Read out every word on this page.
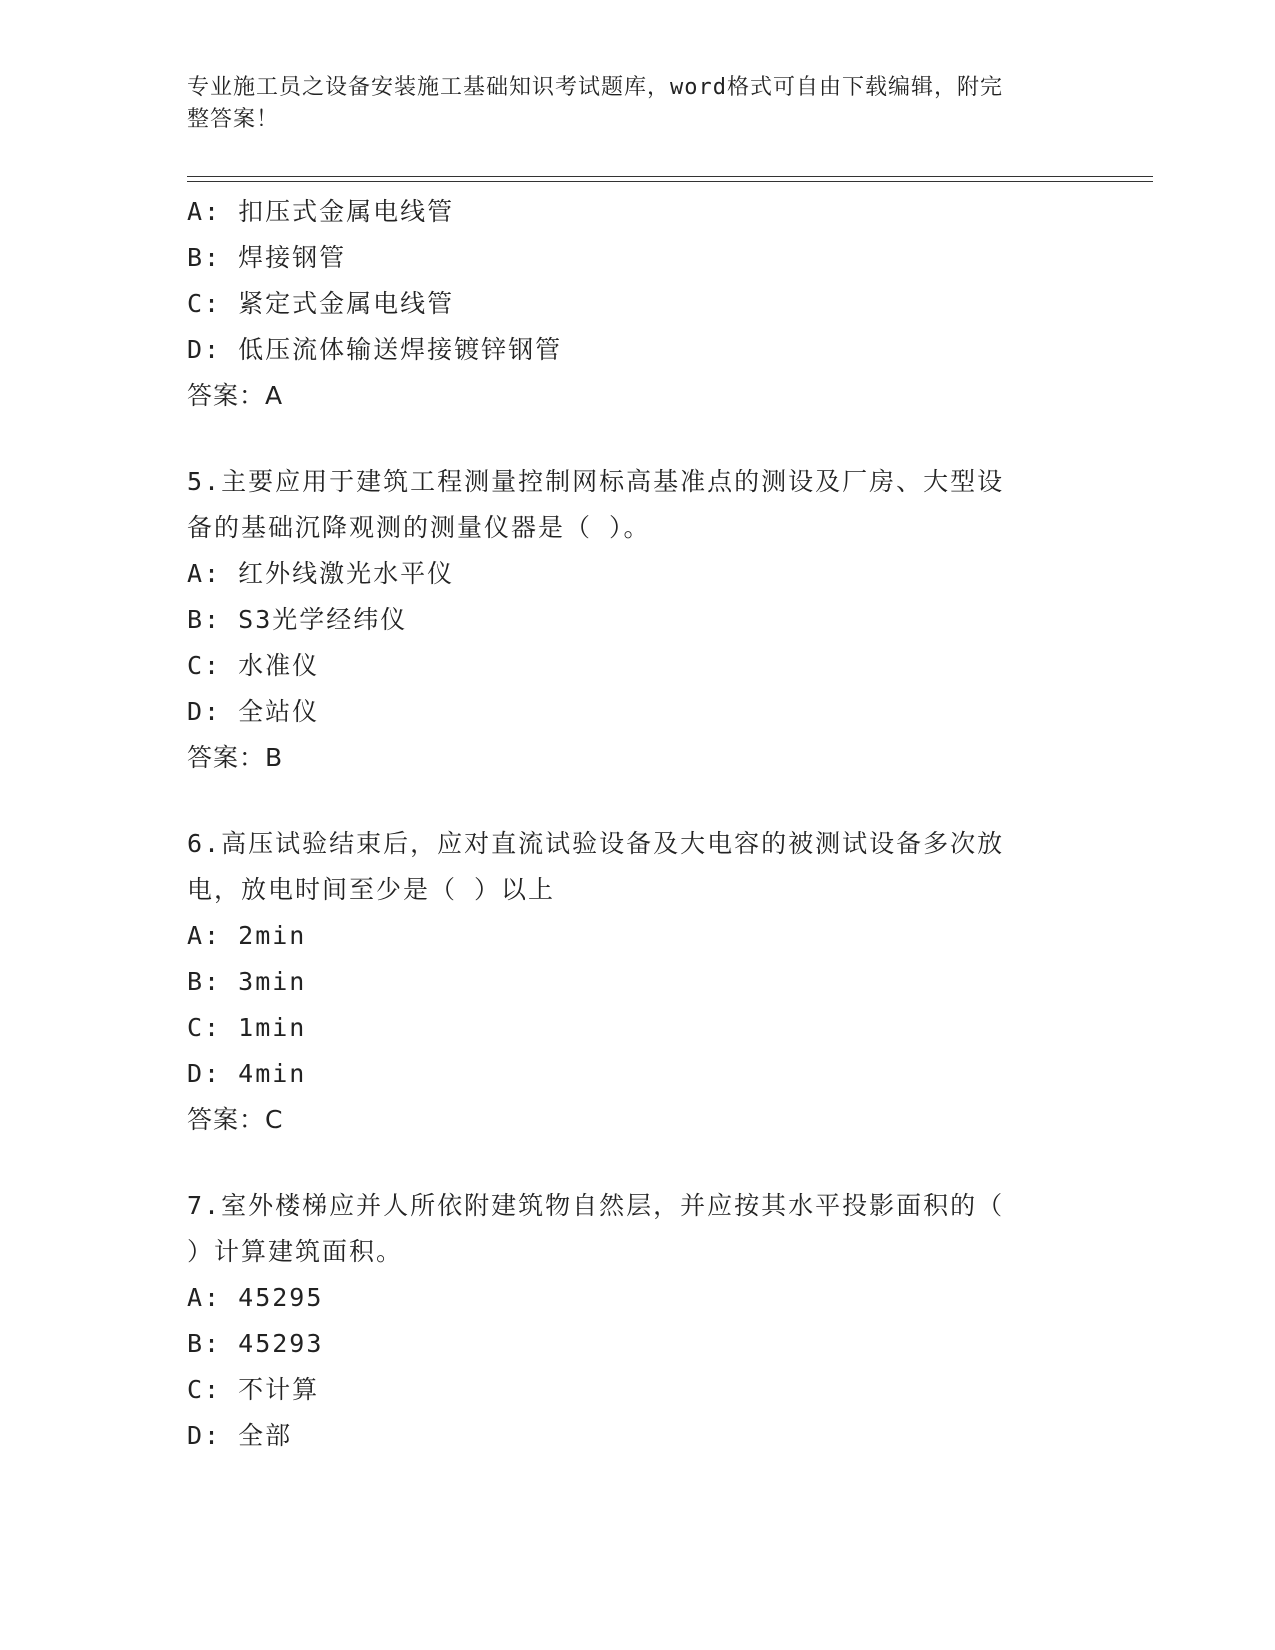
专业施工员之设备安装施工基础知识考试题库，word格式可自由下载编辑，附完
整答案！
A: 扣压式金属电线管
B: 焊接钢管
C: 紧定式金属电线管
D: 低压流体输送焊接镀锌钢管
答案：A
5.主要应用于建筑工程测量控制网标高基准点的测设及厂房、大型设
备的基础沉降观测的测量仪器是（ ）。
A: 红外线激光水平仪
B: S3光学经纬仪
C: 水准仪
D: 全站仪
答案：B
6.高压试验结束后，应对直流试验设备及大电容的被测试设备多次放
电，放电时间至少是（ ）以上
A: 2min
B: 3min
C: 1min
D: 4min
答案：C
7.室外楼梯应并人所依附建筑物自然层，并应按其水平投影面积的（
）计算建筑面积。
A: 45295
B: 45293
C: 不计算
D: 全部
